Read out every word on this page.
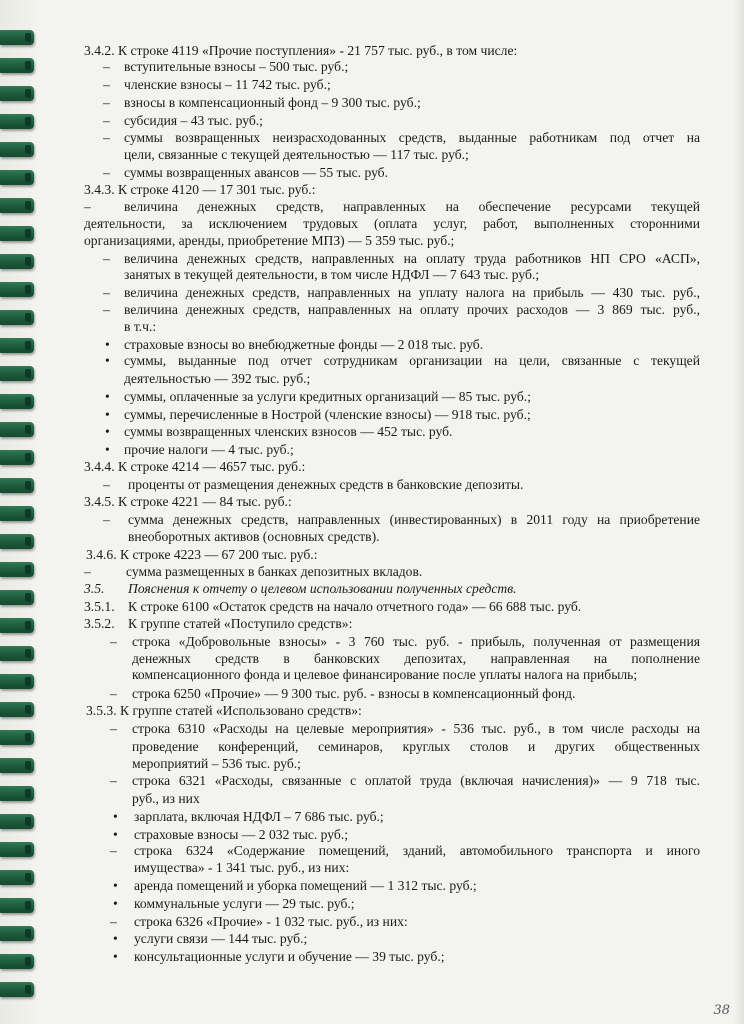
3.4.2. К строке 4119 «Прочие поступления» - 21 757 тыс. руб., в том числе:
– вступительные взносы – 500 тыс. руб.;
– членские взносы – 11 742 тыс. руб.;
– взносы в компенсационный фонд – 9 300 тыс. руб.;
– субсидия – 43 тыс. руб.;
– суммы возвращенных неизрасходованных средств, выданные работникам под отчет на
цели, связанные с текущей деятельностью — 117 тыс. руб.;
– суммы возвращенных авансов — 55 тыс. руб.
3.4.3. К строке 4120 — 17 301 тыс. руб.:
– величина денежных средств, направленных на обеспечение ресурсами текущей
деятельности, за исключением трудовых (оплата услуг, работ, выполненных сторонними
организациями, аренды, приобретение МПЗ) — 5 359 тыс. руб.;
– величина денежных средств, направленных на оплату труда работников НП СРО «АСП»,
занятых в текущей деятельности, в том числе НДФЛ — 7 643 тыс. руб.;
– величина денежных средств, направленных на уплату налога на прибыль — 430 тыс. руб.,
– величина денежных средств, направленных на оплату прочих расходов — 3 869 тыс. руб.,
в т.ч.:
• страховые взносы во внебюджетные фонды — 2 018 тыс. руб.
• суммы, выданные под отчет сотрудникам организации на цели, связанные с текущей
деятельностью — 392 тыс. руб.;
• суммы, оплаченные за услуги кредитных организаций — 85 тыс. руб.;
• суммы, перечисленные в Нострой (членские взносы) — 918 тыс. руб.;
• суммы возвращенных членских взносов — 452 тыс. руб.
• прочие налоги — 4 тыс. руб.;
3.4.4. К строке 4214 — 4657 тыс. руб.:
– проценты от размещения денежных средств в банковские депозиты.
3.4.5. К строке 4221 — 84 тыс. руб.:
– сумма денежных средств, направленных (инвестированных) в 2011 году на приобретение
внеоборотных активов (основных средств).
3.4.6. К строке 4223 — 67 200 тыс. руб.:
–	сумма размещенных в банках депозитных вкладов.
3.5. Пояснения к отчету о целевом использовании полученных средств.
3.5.1. К строке 6100 «Остаток средств на начало отчетного года» — 66 688 тыс. руб.
3.5.2. К группе статей «Поступило средств»:
– строка «Добровольные взносы» - 3 760 тыс. руб. - прибыль, полученная от размещения
денежных средств в банковских депозитах, направленная на пополнение
компенсационного фонда и целевое финансирование после уплаты налога на прибыль;
– строка 6250 «Прочие» — 9 300 тыс. руб. - взносы в компенсационный фонд.
3.5.3. К группе статей «Использовано средств»:
– строка 6310 «Расходы на целевые мероприятия» - 536 тыс. руб., в том числе расходы на
проведение конференций, семинаров, круглых столов и других общественных
мероприятий – 536 тыс. руб.;
– строка 6321 «Расходы, связанные с оплатой труда (включая начисления)» — 9 718 тыс.
руб., из них
• зарплата, включая НДФЛ – 7 686 тыс. руб.;
• страховые взносы — 2 032 тыс. руб.;
– строка 6324 «Содержание помещений, зданий, автомобильного транспорта и иного
имущества» - 1 341 тыс. руб., из них:
• аренда помещений и уборка помещений — 1 312 тыс. руб.;
• коммунальные услуги — 29 тыс. руб.;
– строка 6326 «Прочие» - 1 032 тыс. руб., из них:
• услуги связи — 144 тыс. руб.;
• консультационные услуги и обучение — 39 тыс. руб.;
38
